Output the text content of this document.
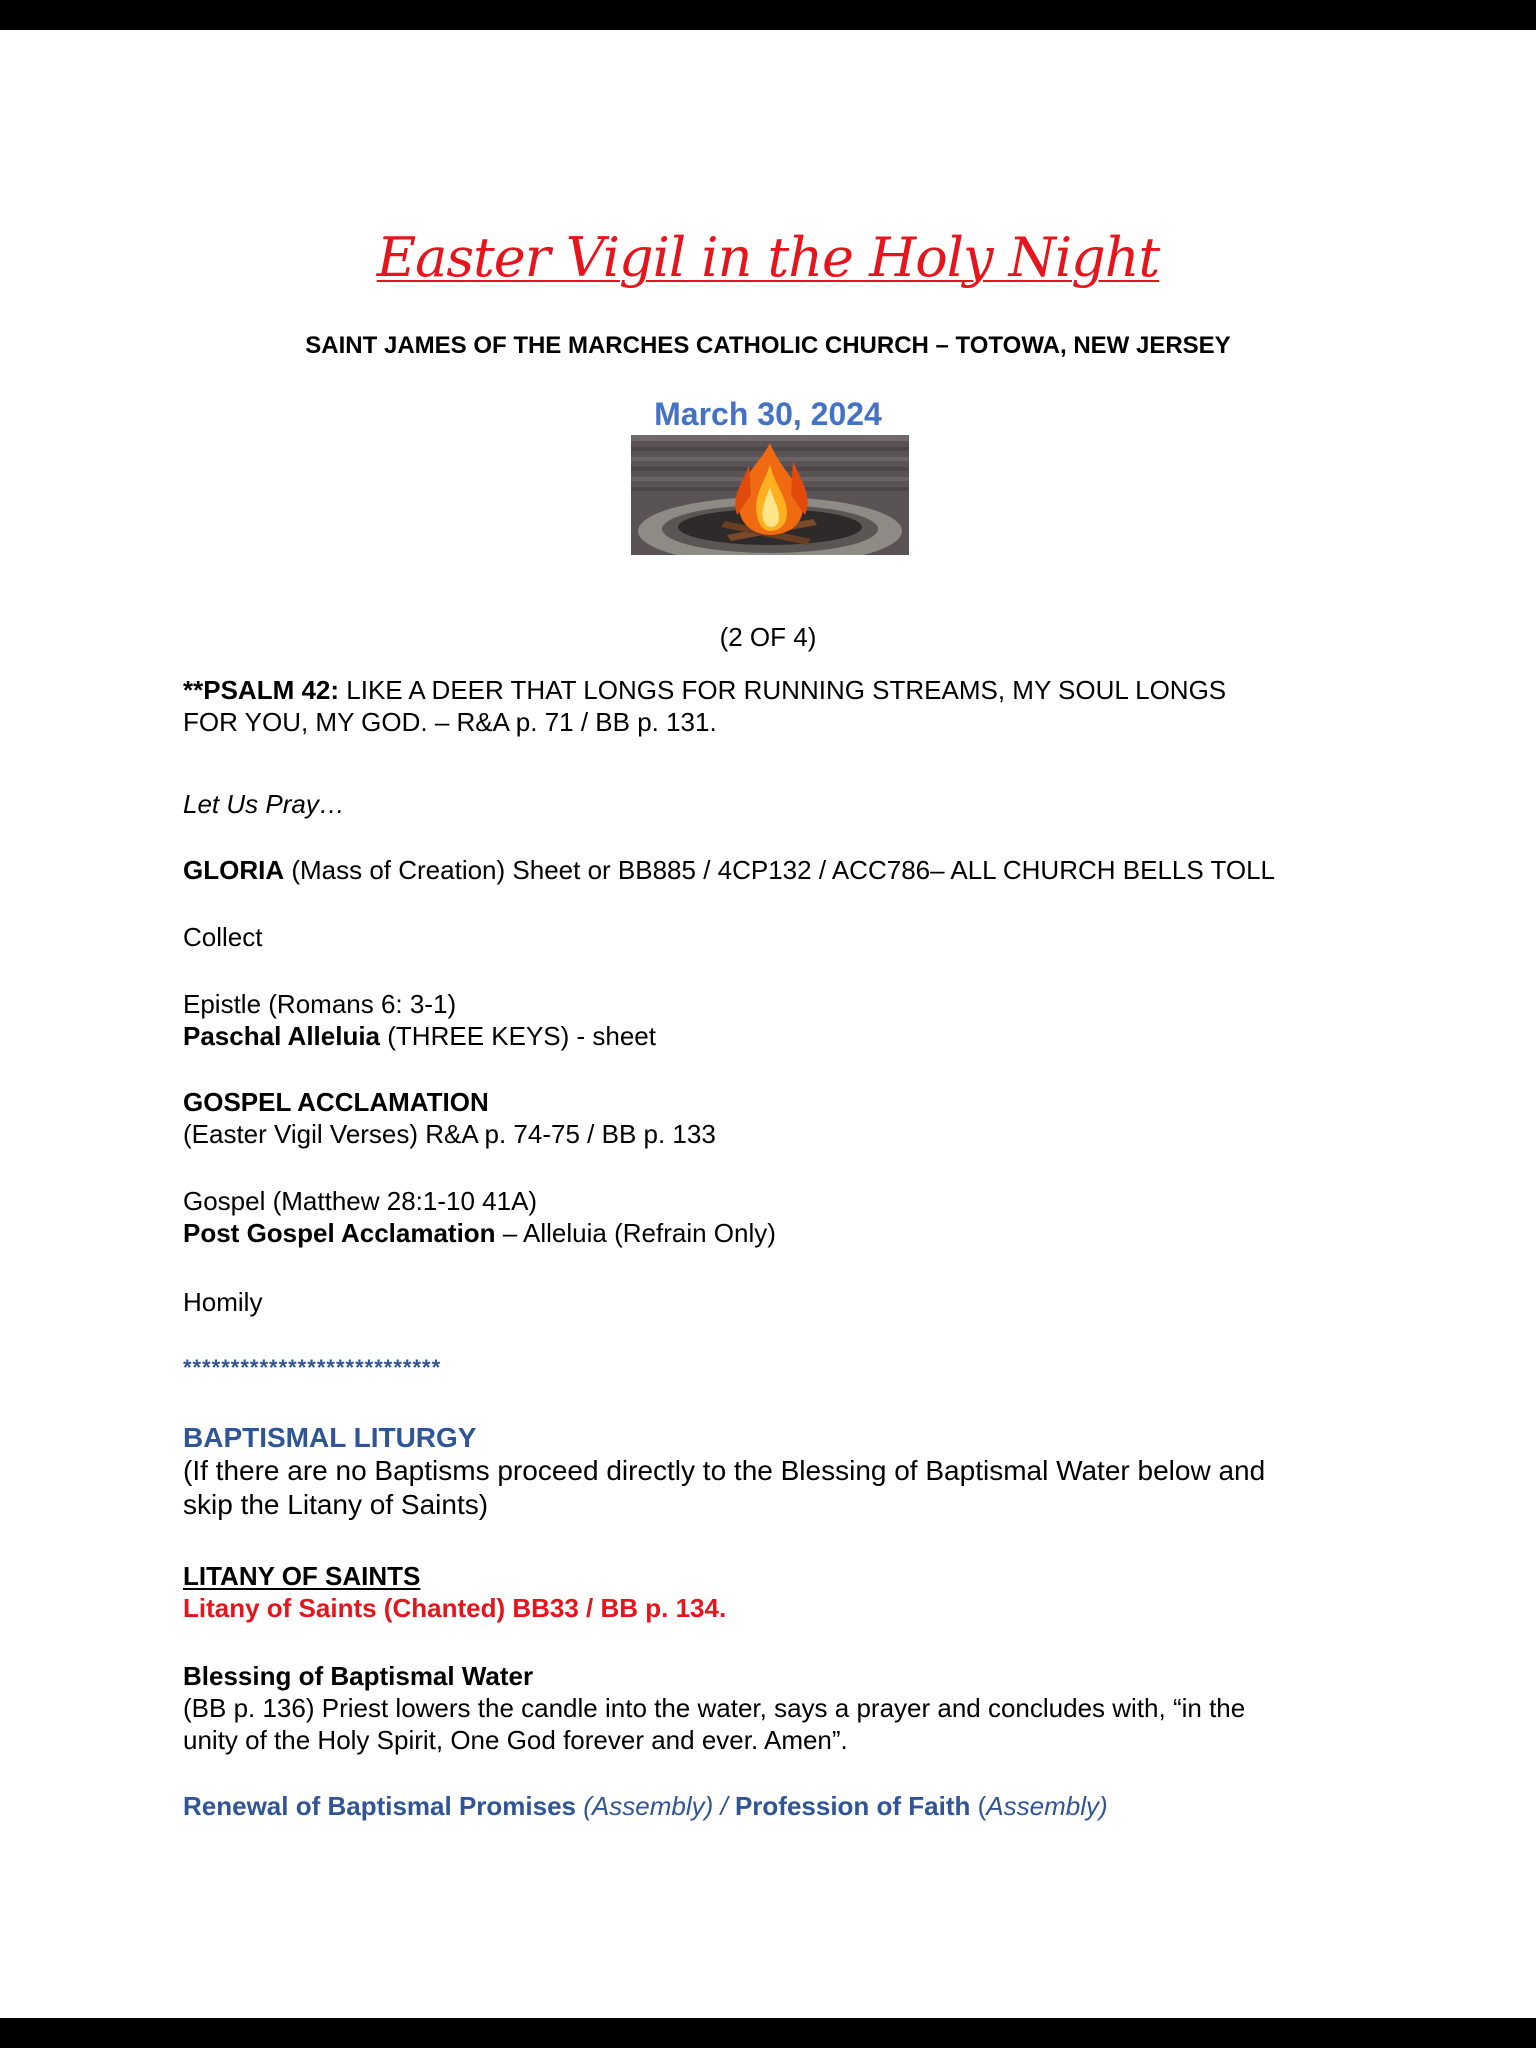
Easter Vigil in the Holy Night
SAINT JAMES OF THE MARCHES CATHOLIC CHURCH – TOTOWA, NEW JERSEY
March 30, 2024
(2 OF 4)
**PSALM 42: LIKE A DEER THAT LONGS FOR RUNNING STREAMS, MY SOUL LONGS
FOR YOU, MY GOD. – R&A p. 71 / BB p. 131.
Let Us Pray…
GLORIA (Mass of Creation) Sheet or BB885 / 4CP132 / ACC786– ALL CHURCH BELLS TOLL
Collect
Epistle (Romans 6: 3-1)
Paschal Alleluia (THREE KEYS) - sheet
GOSPEL ACCLAMATION
(Easter Vigil Verses) R&A p. 74-75 / BB p. 133
Gospel (Matthew 28:1-10 41A)
Post Gospel Acclamation – Alleluia (Refrain Only)
Homily
***************************
BAPTISMAL LITURGY
(If there are no Baptisms proceed directly to the Blessing of Baptismal Water below and
skip the Litany of Saints)
LITANY OF SAINTS
Litany of Saints (Chanted) BB33 / BB p. 134.
Blessing of Baptismal Water
(BB p. 136) Priest lowers the candle into the water, says a prayer and concludes with, “in the
unity of the Holy Spirit, One God forever and ever. Amen”.
Renewal of Baptismal Promises (Assembly) / Profession of Faith (Assembly)
